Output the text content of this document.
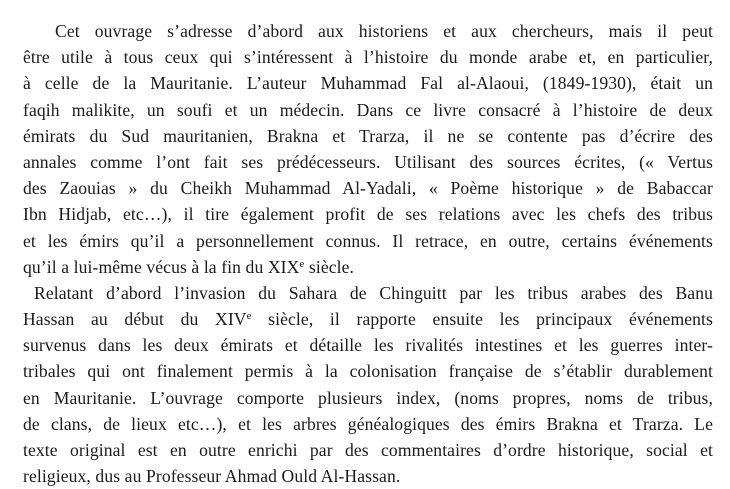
Cet ouvrage s’adresse d’abord aux historiens et aux chercheurs, mais il peut
être utile à tous ceux qui s’intéressent à l’histoire du monde arabe et, en particulier,
à celle de la Mauritanie. L’auteur Muhammad Fal al-Alaoui, (1849-1930), était un
faqih malikite, un soufi et un médecin. Dans ce livre consacré à l’histoire de deux
émirats du Sud mauritanien, Brakna et Trarza, il ne se contente pas d’écrire des
annales comme l’ont fait ses prédécesseurs. Utilisant des sources écrites, (« Vertus
des Zaouias » du Cheikh Muhammad Al-Yadali, « Poème historique » de Babaccar
Ibn Hidjab, etc…), il tire également profit de ses relations avec les chefs des tribus
et les émirs qu’il a personnellement connus. Il retrace, en outre, certains événements
qu’il a lui-même vécus à la fin du XIXe siècle.
Relatant d’abord l’invasion du Sahara de Chinguitt par les tribus arabes des Banu
Hassan au début du XIVe siècle, il rapporte ensuite les principaux événements
survenus dans les deux émirats et détaille les rivalités intestines et les guerres inter-
tribales qui ont finalement permis à la colonisation française de s’établir durablement
en Mauritanie. L’ouvrage comporte plusieurs index, (noms propres, noms de tribus,
de clans, de lieux etc…), et les arbres généalogiques des émirs Brakna et Trarza. Le
texte original est en outre enrichi par des commentaires d’ordre historique, social et
religieux, dus au Professeur Ahmad Ould Al-Hassan.
